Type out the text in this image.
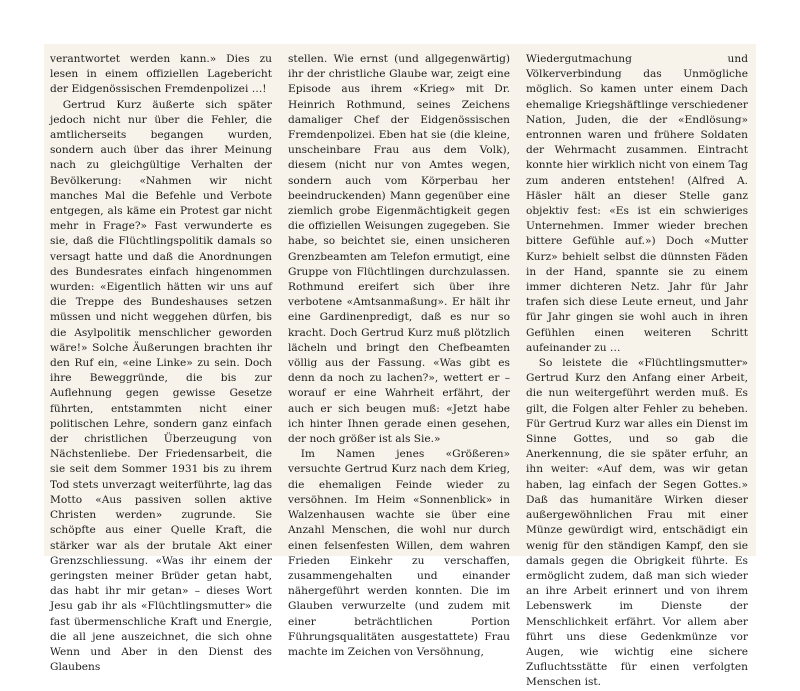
verantwortet werden kann.» Dies zu lesen in einem offiziellen Lagebericht der Eidgenössischen Fremdenpolizei …!

Gertrud Kurz äußerte sich später jedoch nicht nur über die Fehler, die amtlicherseits begangen wurden, sondern auch über das ihrer Meinung nach zu gleichgültige Verhalten der Bevölkerung: «Nahmen wir nicht manches Mal die Befehle und Verbote entgegen, als käme ein Protest gar nicht mehr in Frage?» Fast verwunderte es sie, daß die Flüchtlingspolitik damals so versagt hatte und daß die Anordnungen des Bundesrates einfach hingenommen wurden: «Eigentlich hätten wir uns auf die Treppe des Bundeshauses setzen müssen und nicht weggehen dürfen, bis die Asylpolitik menschlicher geworden wäre!» Solche Äußerungen brachten ihr den Ruf ein, «eine Linke» zu sein. Doch ihre Beweggründe, die bis zur Auflehnung gegen gewisse Gesetze führten, entstammten nicht einer politischen Lehre, sondern ganz einfach der christlichen Überzeugung von Nächstenliebe. Der Friedensarbeit, die sie seit dem Sommer 1931 bis zu ihrem Tod stets unverzagt weiterführte, lag das Motto «Aus passiven sollen aktive Christen werden» zugrunde. Sie schöpfte aus einer Quelle Kraft, die stärker war als der brutale Akt einer Grenzschliessung. «Was ihr einem der geringsten meiner Brüder getan habt, das habt ihr mir getan» – dieses Wort Jesu gab ihr als «Flüchtlingsmutter» die fast übermenschliche Kraft und Energie, die all jene auszeichnet, die sich ohne Wenn und Aber in den Dienst des Glaubens

stellen. Wie ernst (und allgegenwärtig) ihr der christliche Glaube war, zeigt eine Episode aus ihrem «Krieg» mit Dr. Heinrich Rothmund, seines Zeichens damaliger Chef der Eidgenössischen Fremdenpolizei. Eben hat sie (die kleine, unscheinbare Frau aus dem Volk), diesem (nicht nur von Amtes wegen, sondern auch vom Körperbau her beeindruckenden) Mann gegenüber eine ziemlich grobe Eigenmächtigkeit gegen die offiziellen Weisungen zugegeben. Sie habe, so beichtet sie, einen unsicheren Grenzbeamten am Telefon ermutigt, eine Gruppe von Flüchtlingen durchzulassen. Rothmund ereifert sich über ihre verbotene «Amtsanmaßung». Er hält ihr eine Gardinenpredigt, daß es nur so kracht. Doch Gertrud Kurz muß plötzlich lächeln und bringt den Chefbeamten völlig aus der Fassung. «Was gibt es denn da noch zu lachen?», wettert er – worauf er eine Wahrheit erfährt, der auch er sich beugen muß: «Jetzt habe ich hinter Ihnen gerade einen gesehen, der noch größer ist als Sie.»

Im Namen jenes «Größeren» versuchte Gertrud Kurz nach dem Krieg, die ehemaligen Feinde wieder zu versöhnen. Im Heim «Sonnenblick» in Walzenhausen wachte sie über eine Anzahl Menschen, die wohl nur durch einen felsenfesten Willen, dem wahren Frieden Einkehr zu verschaffen, zusammengehalten und einander nähergeführt werden konnten. Die im Glauben verwurzelte (und zudem mit einer beträchtlichen Portion Führungsqualitäten ausgestattete) Frau machte im Zeichen von Versöhnung,

Wiedergutmachung und Völkerverbindung das Unmögliche möglich. So kamen unter einem Dach ehemalige Kriegshäftlinge verschiedener Nation, Juden, die der «Endlösung» entronnen waren und frühere Soldaten der Wehrmacht zusammen. Eintracht konnte hier wirklich nicht von einem Tag zum anderen entstehen! (Alfred A. Häsler hält an dieser Stelle ganz objektiv fest: «Es ist ein schwieriges Unternehmen. Immer wieder brechen bittere Gefühle auf.») Doch «Mutter Kurz» behielt selbst die dünnsten Fäden in der Hand, spannte sie zu einem immer dichteren Netz. Jahr für Jahr trafen sich diese Leute erneut, und Jahr für Jahr gingen sie wohl auch in ihren Gefühlen einen weiteren Schritt aufeinander zu …

So leistete die «Flüchtlingsmutter» Gertrud Kurz den Anfang einer Arbeit, die nun weitergeführt werden muß. Es gilt, die Folgen alter Fehler zu beheben. Für Gertrud Kurz war alles ein Dienst im Sinne Gottes, und so gab die Anerkennung, die sie später erfuhr, an ihn weiter: «Auf dem, was wir getan haben, lag einfach der Segen Gottes.» Daß das humanitäre Wirken dieser außergewöhnlichen Frau mit einer Münze gewürdigt wird, entschädigt ein wenig für den ständigen Kampf, den sie damals gegen die Obrigkeit führte. Es ermöglicht zudem, daß man sich wieder an ihre Arbeit erinnert und von ihrem Lebenswerk im Dienste der Menschlichkeit erfährt. Vor allem aber führt uns diese Gedenkmünze vor Augen, wie wichtig eine sichere Zufluchtsstätte für einen verfolgten Menschen ist.
